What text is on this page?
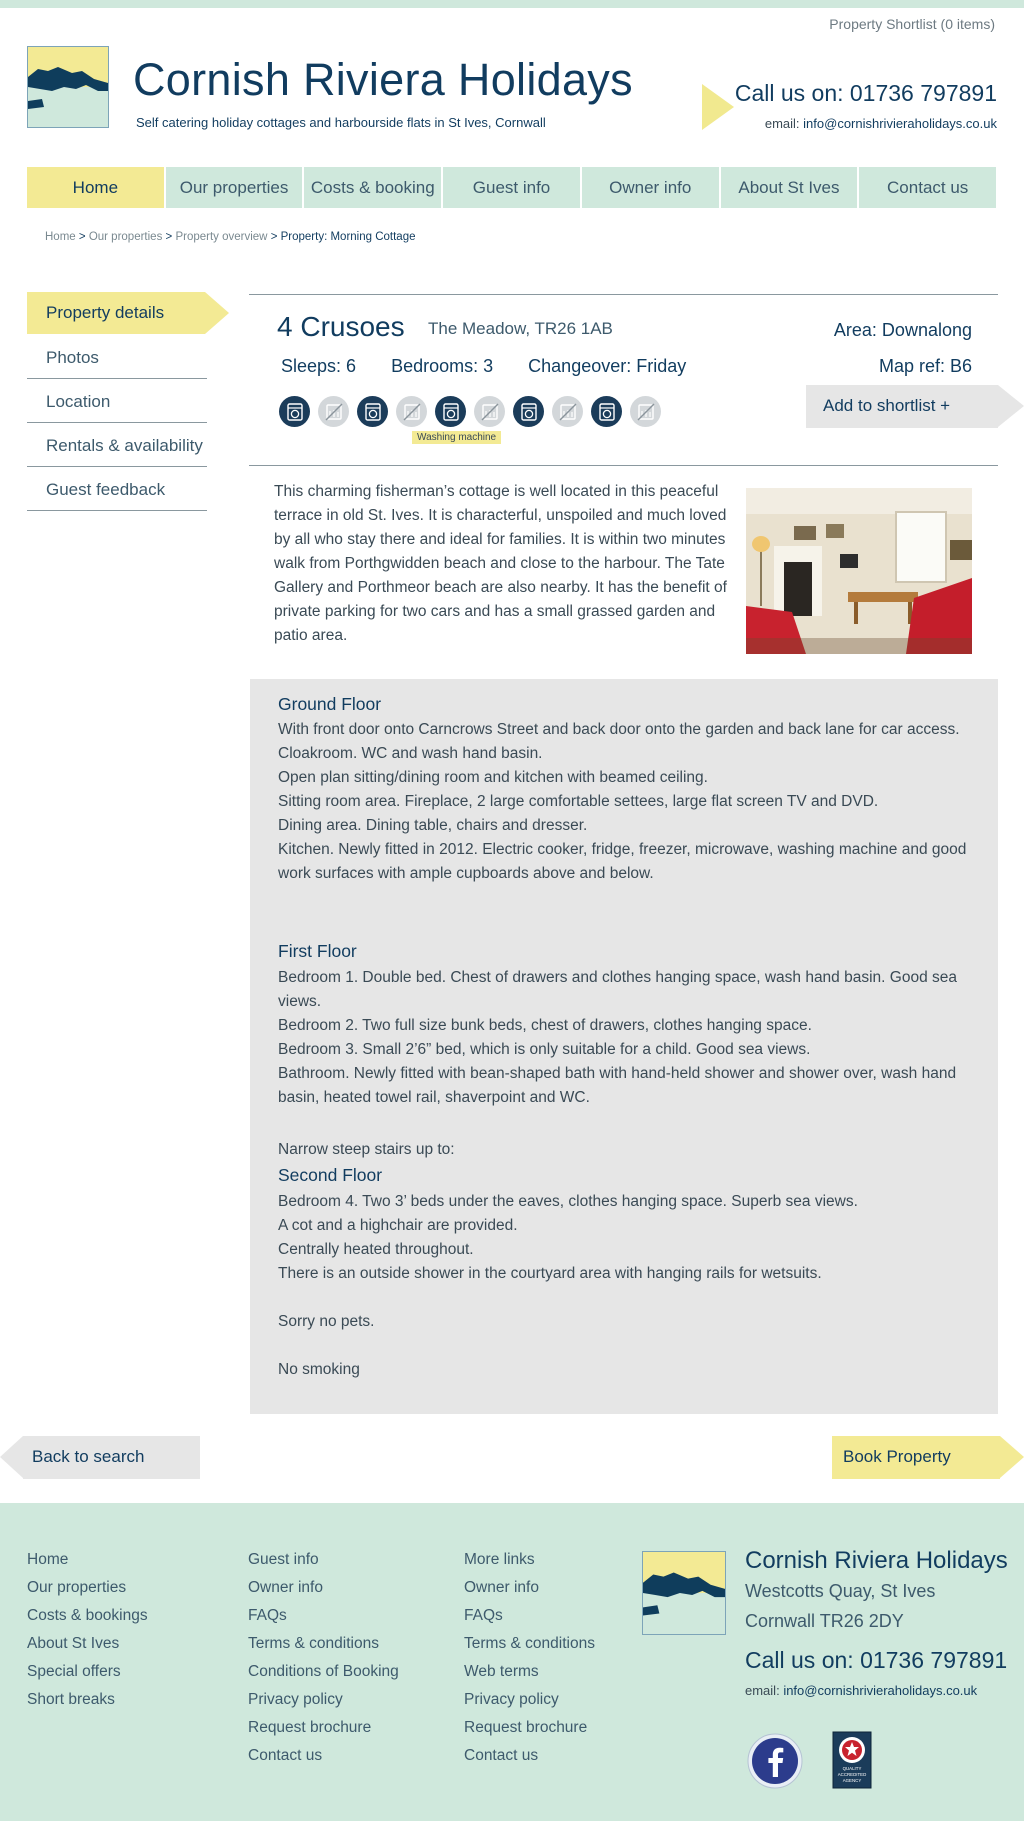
Property Shortlist (0 items)
Cornish Riviera Holidays
Self catering holiday cottages and harbourside flats in St Ives, Cornwall
Call us on: 01736 797891
email: info@cornishrivieraholidays.co.uk
Home	Our properties	Costs & booking	Guest info	Owner info	About St Ives	Contact us
Home > Our properties > Property overview > Property: Morning Cottage
Property details
Photos
Location
Rentals & availability
Guest feedback
4 Crusoes The Meadow, TR26 1AB	Area: Downalong
Map ref: B6
Sleeps: 6 Bedrooms: 3 Changeover: Friday
Washing machine
Add to shortlist +
This charming fisherman’s cottage is well located in this peaceful terrace in old St. Ives. It is characterful, unspoiled and much loved by all who stay there and ideal for families. It is within two minutes walk from Porthgwidden beach and close to the harbour. The Tate Gallery and Porthmeor beach are also nearby. It has the benefit of private parking for two cars and has a small grassed garden and patio area.
Ground Floor
With front door onto Carncrows Street and back door onto the garden and back lane for car access.
Cloakroom. WC and wash hand basin.
Open plan sitting/dining room and kitchen with beamed ceiling.
Sitting room area. Fireplace, 2 large comfortable settees, large flat screen TV and DVD.
Dining area. Dining table, chairs and dresser.
Kitchen. Newly fitted in 2012. Electric cooker, fridge, freezer, microwave, washing machine and good work surfaces with ample cupboards above and below.
First Floor
Bedroom 1. Double bed. Chest of drawers and clothes hanging space, wash hand basin. Good sea views.
Bedroom 2. Two full size bunk beds, chest of drawers, clothes hanging space.
Bedroom 3. Small 2’6” bed, which is only suitable for a child. Good sea views.
Bathroom. Newly fitted with bean-shaped bath with hand-held shower and shower over, wash hand basin, heated towel rail, shaverpoint and WC.
Narrow steep stairs up to:
Second Floor
Bedroom 4. Two 3’ beds under the eaves, clothes hanging space. Superb sea views.
A cot and a highchair are provided.
Centrally heated throughout.
There is an outside shower in the courtyard area with hanging rails for wetsuits.
Sorry no pets.
No smoking
Back to search	Book Property
Home
Our properties
Costs & bookings
About St Ives
Special offers
Short breaks
Guest info
Owner info
FAQs
Terms & conditions
Conditions of Booking
Privacy policy
Request brochure
Contact us
More links
Owner info
FAQs
Terms & conditions
Web terms
Privacy policy
Request brochure
Contact us
Cornish Riviera Holidays
Westcotts Quay, St Ives
Cornwall TR26 2DY
Call us on: 01736 797891
email: info@cornishrivieraholidays.co.uk
QUALITY
ACCREDITED
AGENCY
